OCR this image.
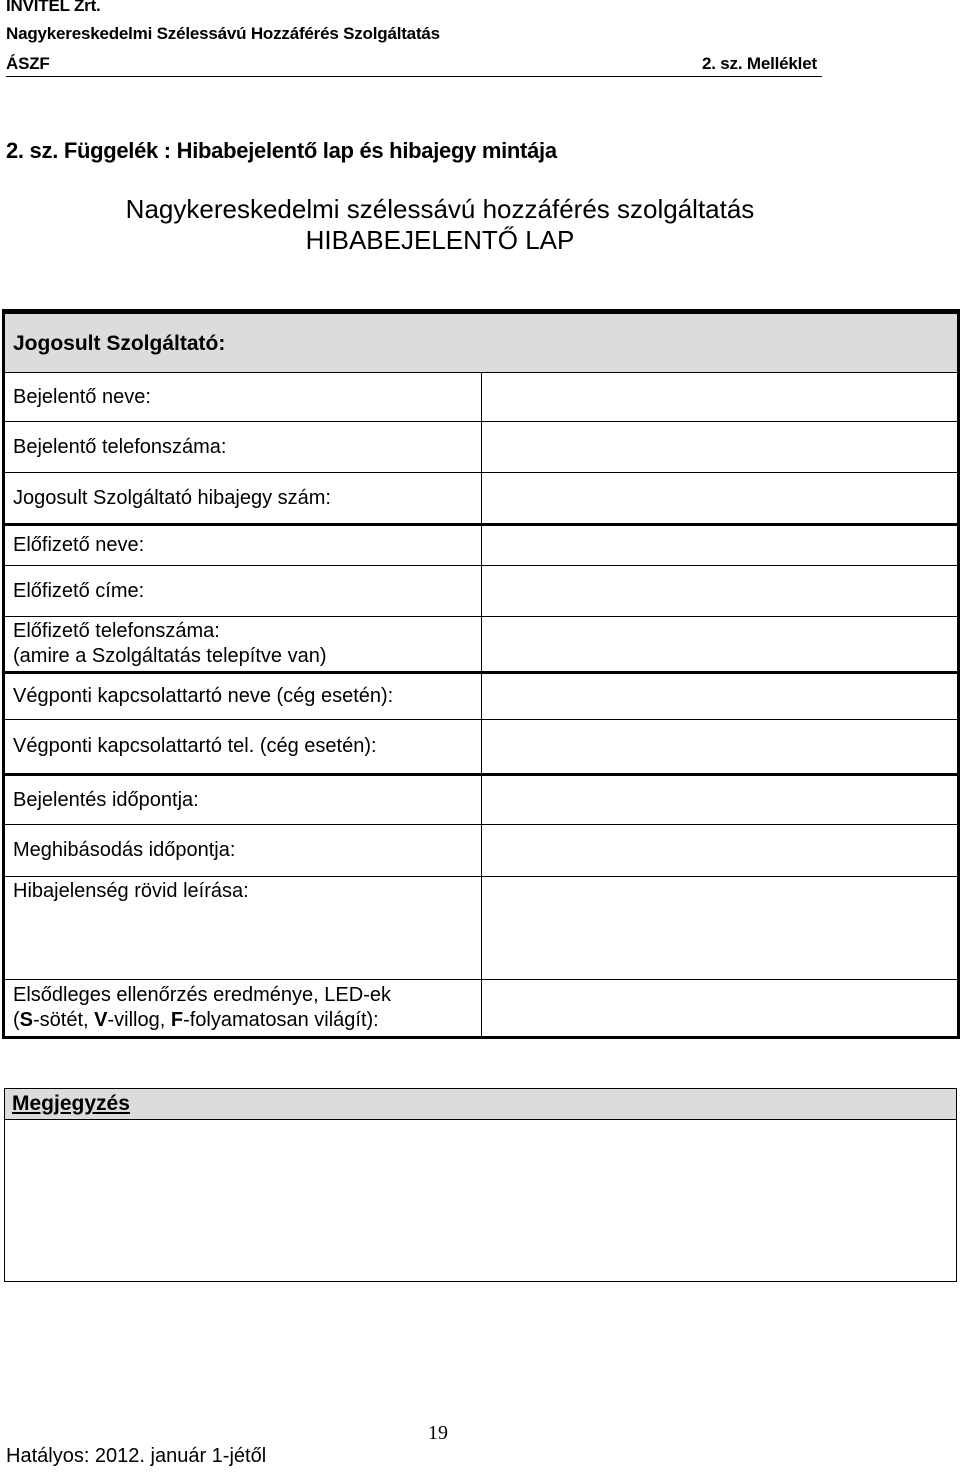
INVITEL Zrt.
Nagykereskedelmi Szélessávú Hozzáférés Szolgáltatás
ÁSZF	2. sz. Melléklet
2. sz. Függelék : Hibabejelentő lap és hibajegy mintája
Nagykereskedelmi szélessávú hozzáférés szolgáltatás
HIBABEJELENTŐ LAP
Jogosult Szolgáltató:	
Bejelentő neve:	
Bejelentő telefonszáma:	
Jogosult Szolgáltató hibajegy szám:	
Előfizető neve:	
Előfizető címe:	

Előfizető telefonszáma:
(amire a Szolgáltatás telepítve van)	

Végponti kapcsolattartó neve (cég esetén):	
Végponti kapcsolattartó tel. (cég esetén):	
Bejelentés időpontja:	
Meghibásodás időpontja:	

Hibajelenség rövid leírása:	

Elsődleges ellenőrzés eredménye, LED-ek
(S-sötét, V-villog, F-folyamatosan világít):	

Megjegyzés
19
Hatályos: 2012. január 1-jétől
